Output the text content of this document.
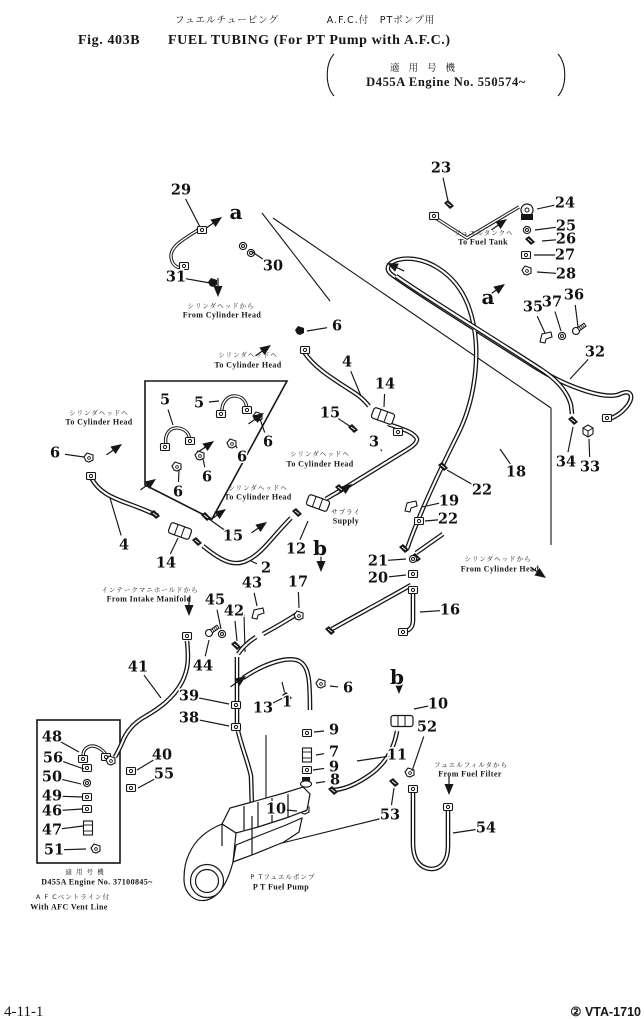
フュエルチュービング	A.F.C.付　PTポンプ用
Fig. 403B FUEL TUBING (For PT Pump with A.F.C.)
適 用 号 機
D455A Engine No. 550574~
29
30
31
23
24
25
26
27
28
35
37 36
32
34 33
18
22
19
22
6
4
14
15
3
5 5
6
6
6
6
6
15
14
4
2
12
43 17
45
42
44
41
39
38
13 1
16
21
20
6
9
7
9
8
10
10
52
11
53
54
48
56
50
49
46
47
51
40
55
シリンダヘッドヘ
To Cylinder Head
シリンダヘッドヘ
To Cylinder Head
シリンダヘッドヘ
To Cylinder Head
シリンダヘッドヘ
To Cylinder Head
シリンダヘッドから
From Cylinder Head
シリンダヘッドから
From Cylinder Head
フュエルタンクヘ
To Fuel Tank
サプライ
Supply
インテークマニホールドから
From Intake Manifold
フュエルフィルタから
From Fuel Filter
P Tフュエルポンプ
P T Fuel Pump
適 用 号 機
D455A Engine No. 37100845~
A F Cベントライン付
With AFC Vent Line
a
a
b
b
4-11-1	② VTA-1710
